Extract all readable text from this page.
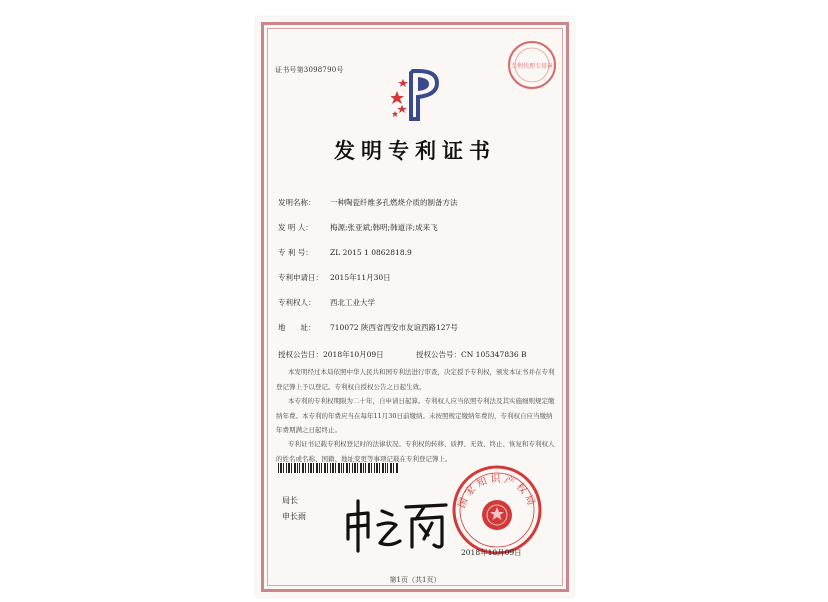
证书号第3098790号	专利代理专用章
发明专利证书
发明名称： 一种陶瓷纤维多孔燃烧介质的制备方法
发 明 人： 梅源;张亚斌;韩明;韩道洋;成来飞
专 利 号： ZL 2015 1 0862818.9
专利申请日： 2015年11月30日
专利权人： 西北工业大学
地　　址： 710072 陕西省西安市友谊西路127号
授权公告日：2018年10月09日	授权公告号：CN 105347836 B
本发明经过本局依照中华人民共和国专利法进行审查，决定授予专利权，颁发本证书并在专利登记簿上予以登记。专利权自授权公告之日起生效。
本专利的专利权期限为二十年，自申请日起算。专利权人应当依照专利法及其实施细则规定缴纳年费。本专利的年费应当在每年11月30日前缴纳。未按照规定缴纳年费的，专利权自应当缴纳年费期满之日起终止。
专利证书记载专利权登记时的法律状况。专利权的转移、质押、无效、终止、恢复和专利权人的姓名或名称、国籍、地址变更等事项记载在专利登记簿上。
局长
申长雨
国家知识产权局
2018年10月09日
第1页（共1页）
